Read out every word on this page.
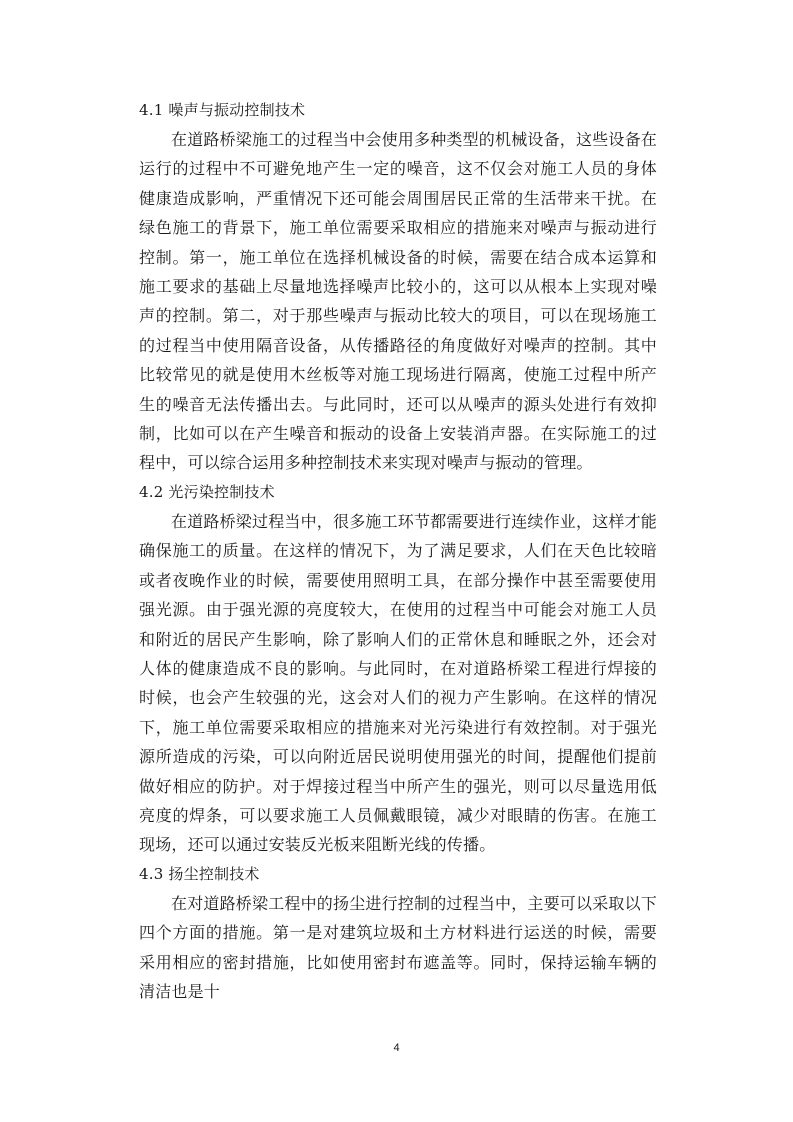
4.1 噪声与振动控制技术

在道路桥梁施工的过程当中会使用多种类型的机械设备，这些设备在运行的过程中不可避免地产生一定的噪音，这不仅会对施工人员的身体健康造成影响，严重情况下还可能会周围居民正常的生活带来干扰。在绿色施工的背景下，施工单位需要采取相应的措施来对噪声与振动进行控制。第一，施工单位在选择机械设备的时候，需要在结合成本运算和施工要求的基础上尽量地选择噪声比较小的，这可以从根本上实现对噪声的控制。第二，对于那些噪声与振动比较大的项目，可以在现场施工的过程当中使用隔音设备，从传播路径的角度做好对噪声的控制。其中比较常见的就是使用木丝板等对施工现场进行隔离，使施工过程中所产生的噪音无法传播出去。与此同时，还可以从噪声的源头处进行有效抑制，比如可以在产生噪音和振动的设备上安装消声器。在实际施工的过程中，可以综合运用多种控制技术来实现对噪声与振动的管理。

4.2 光污染控制技术

在道路桥梁过程当中，很多施工环节都需要进行连续作业，这样才能确保施工的质量。在这样的情况下，为了满足要求，人们在天色比较暗或者夜晚作业的时候，需要使用照明工具，在部分操作中甚至需要使用强光源。由于强光源的亮度较大，在使用的过程当中可能会对施工人员和附近的居民产生影响，除了影响人们的正常休息和睡眠之外，还会对人体的健康造成不良的影响。与此同时，在对道路桥梁工程进行焊接的时候，也会产生较强的光，这会对人们的视力产生影响。在这样的情况下，施工单位需要采取相应的措施来对光污染进行有效控制。对于强光源所造成的污染，可以向附近居民说明使用强光的时间，提醒他们提前做好相应的防护。对于焊接过程当中所产生的强光，则可以尽量选用低亮度的焊条，可以要求施工人员佩戴眼镜，减少对眼睛的伤害。在施工现场，还可以通过安装反光板来阻断光线的传播。

4.3 扬尘控制技术

在对道路桥梁工程中的扬尘进行控制的过程当中，主要可以采取以下四个方面的措施。第一是对建筑垃圾和土方材料进行运送的时候，需要采用相应的密封措施，比如使用密封布遮盖等。同时，保持运输车辆的清洁也是十

4
